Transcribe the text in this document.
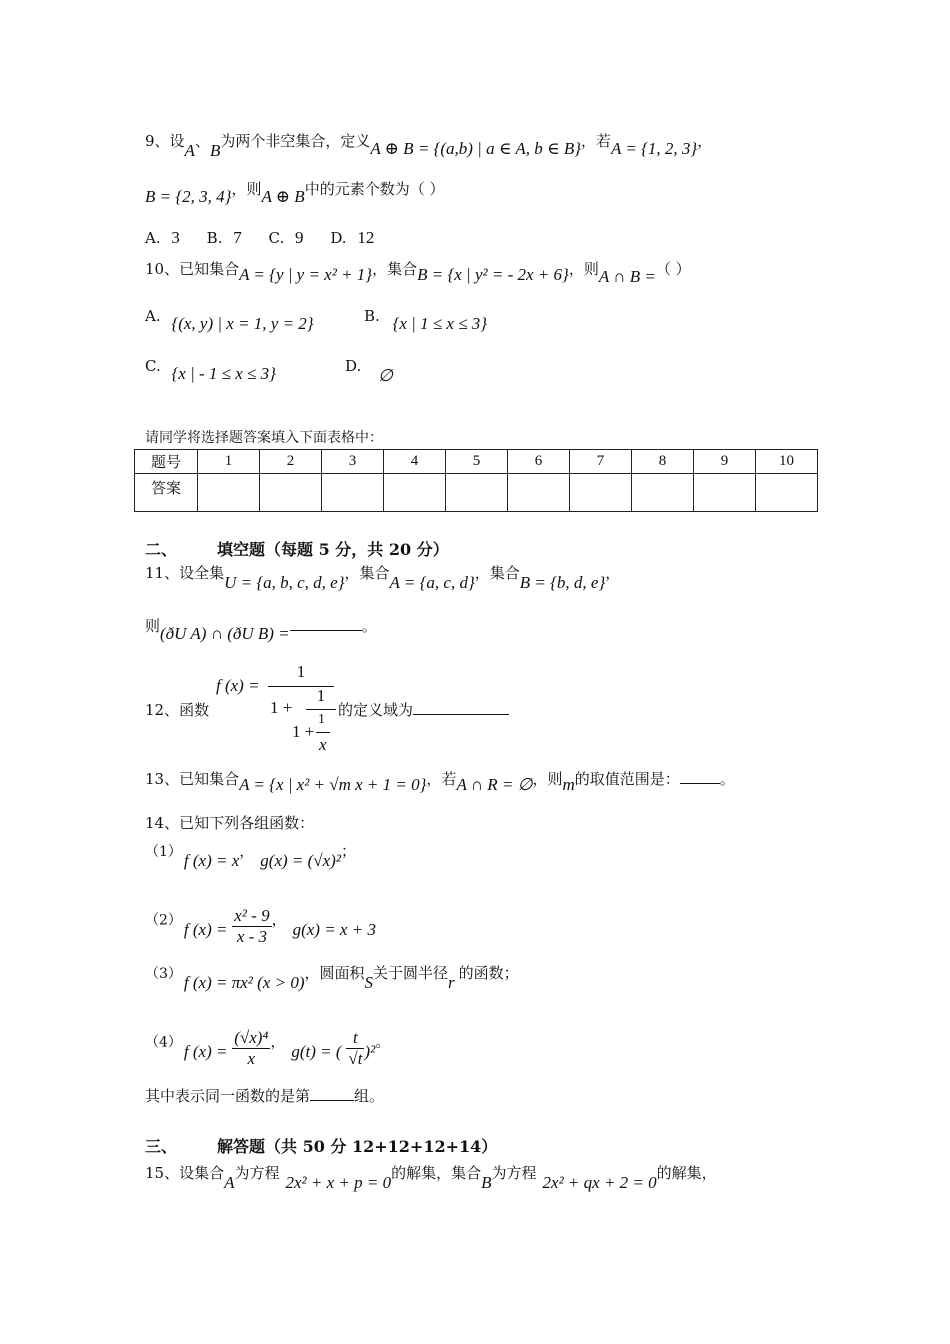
9、设A、B为两个非空集合，定义A ⊕ B = {(a,b) | a ∈ A, b ∈ B}，若A = {1, 2, 3}，
B = {2, 3, 4}，则A ⊕ B中的元素个数为（ ）
A. 3 B. 7 C. 9 D. 12
10、已知集合A = {y | y = x² + 1}，集合B = {x | y² = - 2x + 6}，则A ∩ B =（ ）
A. {(x, y) | x = 1, y = 2}	B. {x | 1 ≤ x ≤ 3}
C. {x | - 1 ≤ x ≤ 3}	D. ∅
请同学将选择题答案填入下面表格中：
题号	1	2	3	4	5	6	7	8	9	10
答案										
二、	填空题（每题 5 分，共 20 分）
11、设全集U = {a, b, c, d, e}，集合A = {a, c, d}，集合B = {b, d, e}，
则(ðU A) ∩ (ðU B) =	。
12、函数
f (x) =
1
1 +
1
1 +
1
x
的定义域为
13、已知集合A = {x | x² + √m x + 1 = 0}，若A ∩ R = ∅，则m的取值范围是：	。
14、已知下列各组函数：
（1） f (x) = x， g(x) = (√x)²；
（2） f $(x) = \frac{\text{x² - 9}}{x - 3}$ ， g(x) = x + 3
（3） f (x) = πx² (x > 0)，圆面积S关于圆半径r 的函数；
（4） f $(x) = \frac{\text{(√x)⁴}}{x}$ ， g(t) = ( $\frac{t}{√t} )^2$。
其中表示同一函数的是第	组。
三、	解答题（共 50 分 12+12+12+14）
15、设集合A为方程 2x² + x + p = 0的解集，集合B为方程 2x² + qx + 2 = 0的解集，
